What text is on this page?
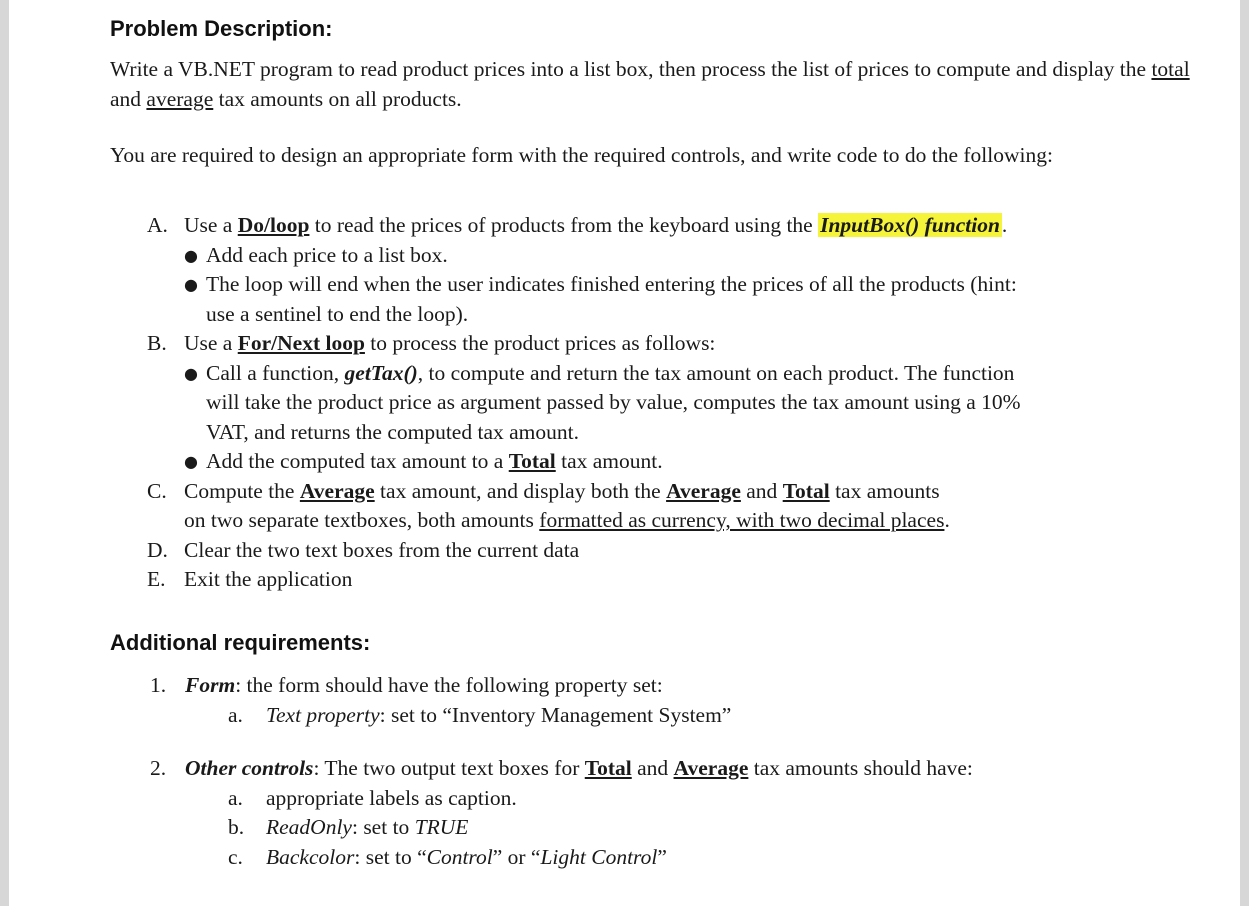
Problem Description:
Write a VB.NET program to read product prices into a list box, then process the list of prices to compute and display the total and average tax amounts on all products.
You are required to design an appropriate form with the required controls, and write code to do the following:
A. Use a Do/loop to read the prices of products from the keyboard using the InputBox() function.
● Add each price to a list box.
● The loop will end when the user indicates finished entering the prices of all the products (hint:
use a sentinel to end the loop).
B. Use a For/Next loop to process the product prices as follows:
● Call a function, getTax(), to compute and return the tax amount on each product. The function
will take the product price as argument passed by value, computes the tax amount using a 10%
VAT, and returns the computed tax amount.
● Add the computed tax amount to a Total tax amount.
C. Compute the Average tax amount, and display both the Average and Total tax amounts
on two separate textboxes, both amounts formatted as currency, with two decimal places.
D. Clear the two text boxes from the current data
E. Exit the application
Additional requirements:
1. Form: the form should have the following property set:
a.	Text property: set to “Inventory Management System”
2. Other controls: The two output text boxes for Total and Average tax amounts should have:
a.	appropriate labels as caption.
b.	ReadOnly: set to TRUE
c.	Backcolor: set to “Control” or “Light Control”
